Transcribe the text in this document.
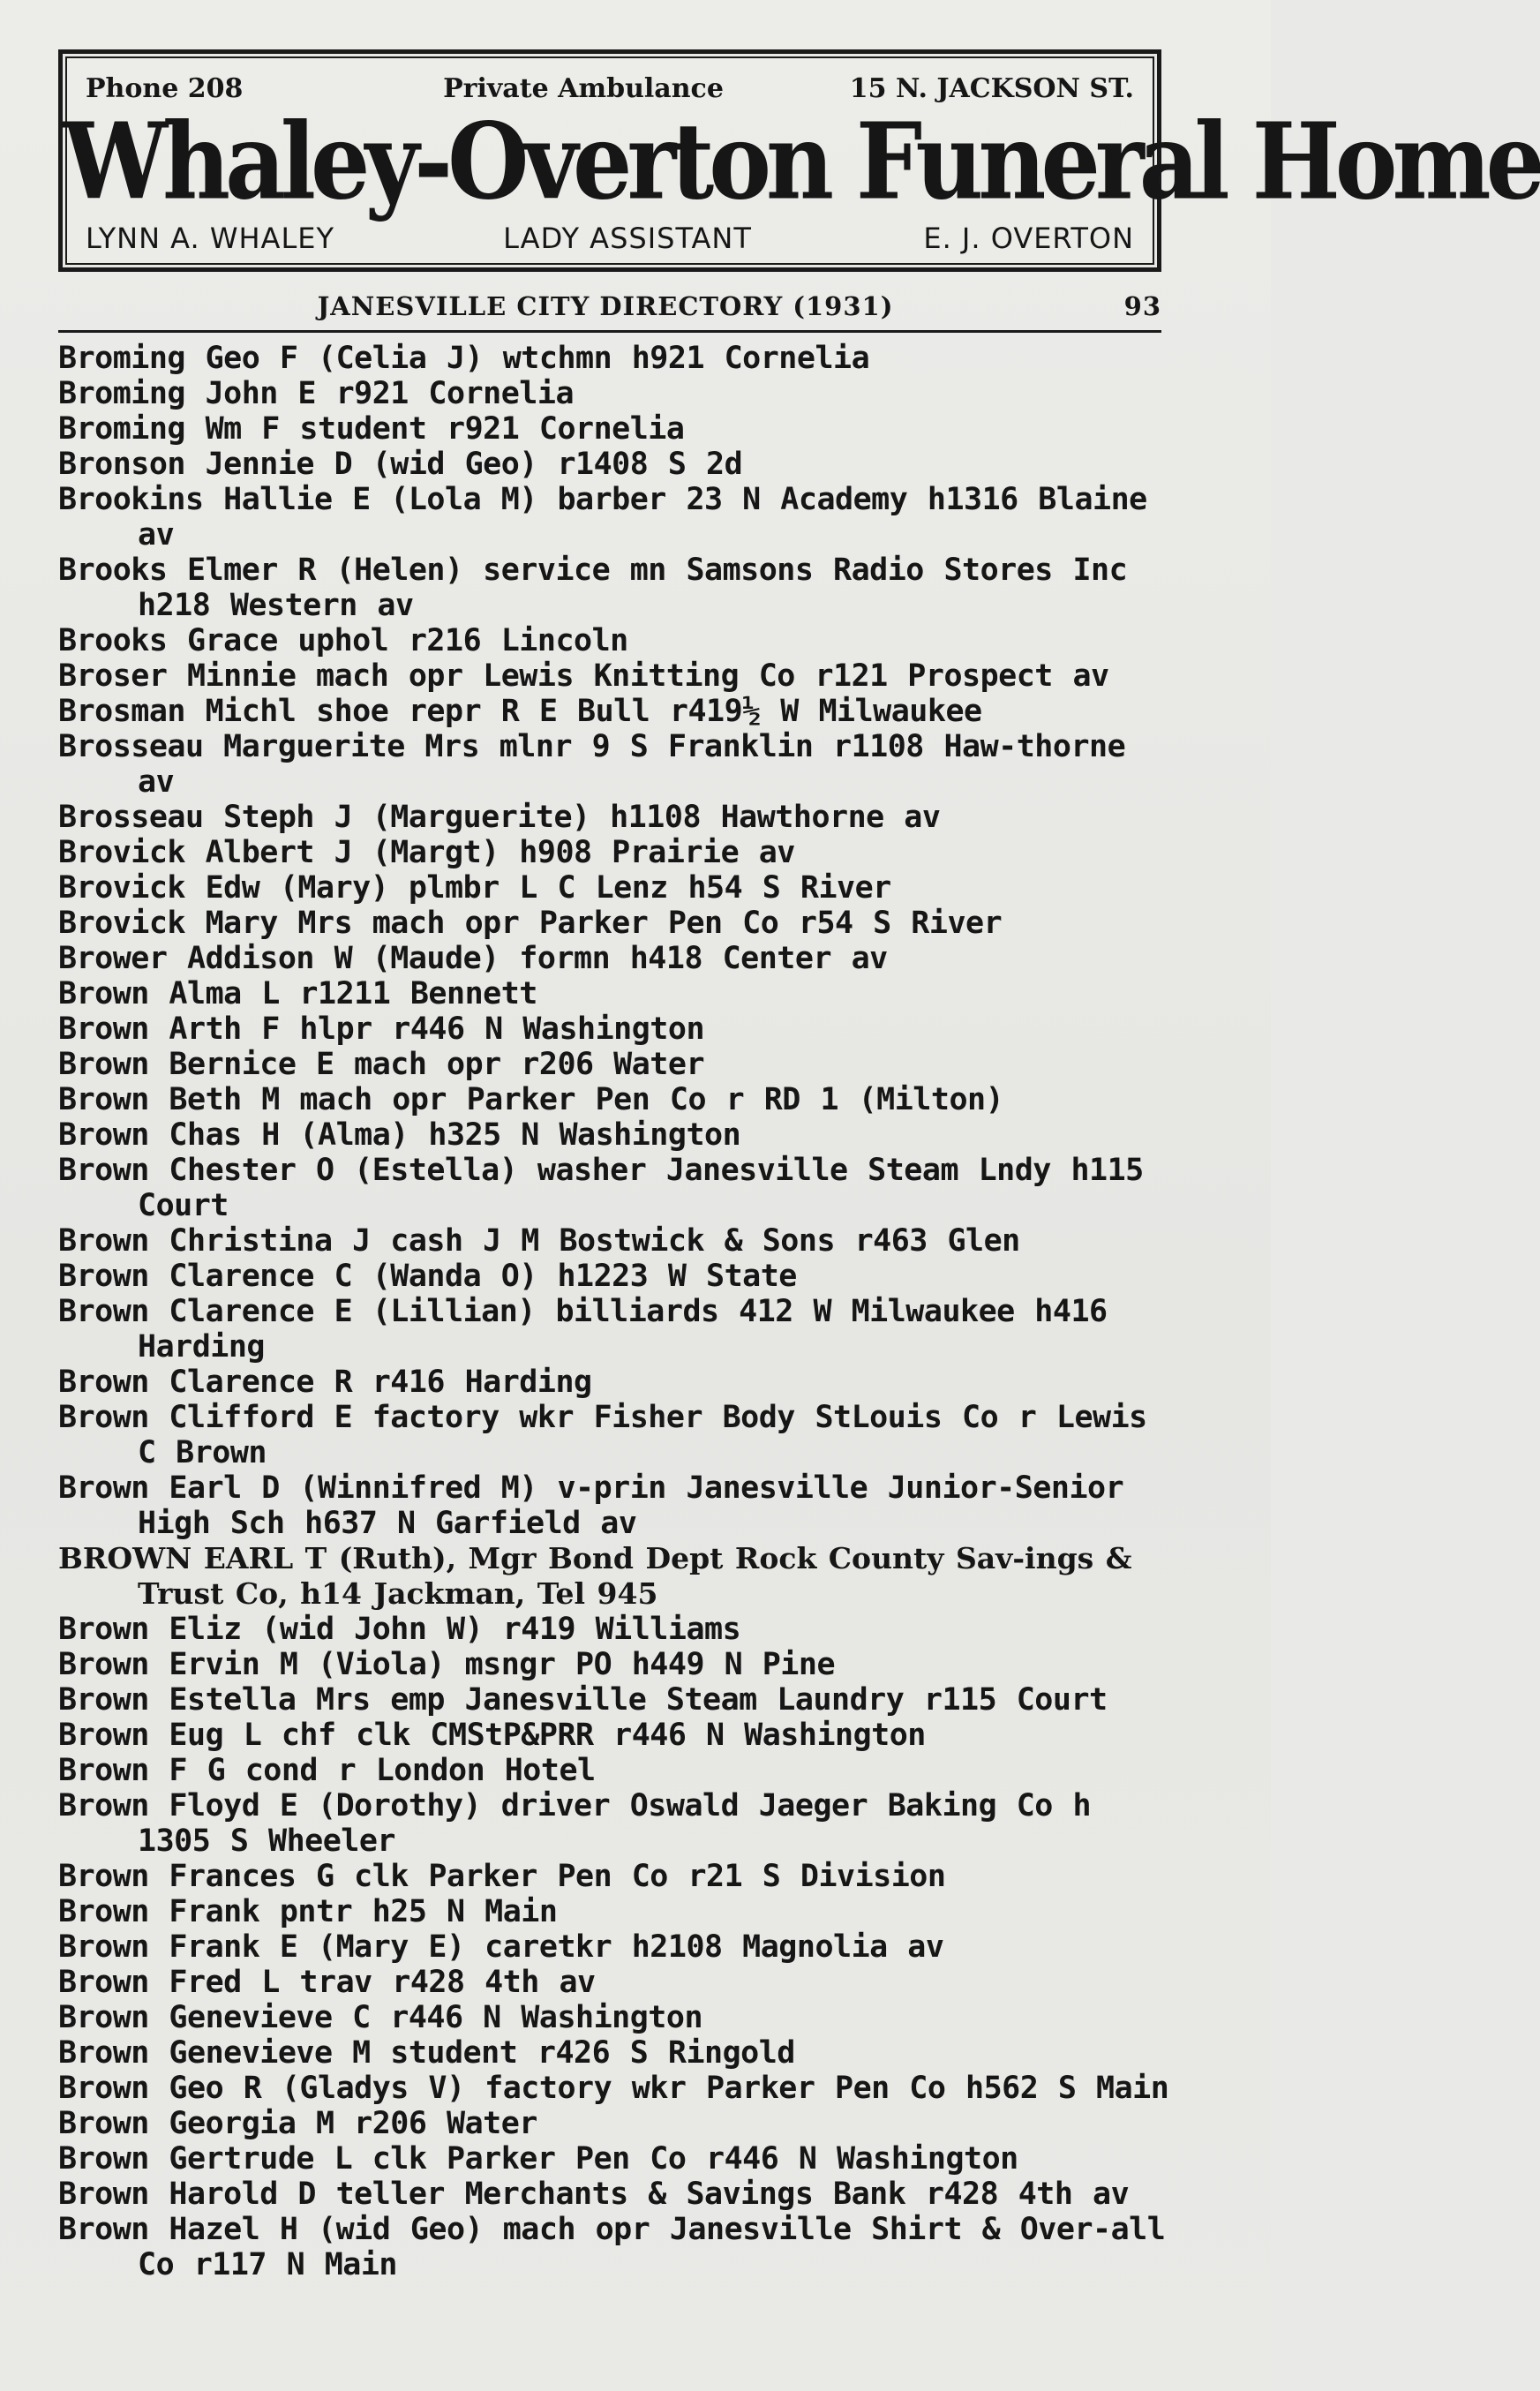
Phone 208	Private Ambulance	15 N. JACKSON ST.
Whaley-Overton Funeral Home
LYNN A. WHALEY	LADY ASSISTANT	E. J. OVERTON
JANESVILLE CITY DIRECTORY (1931)	93
Broming Geo F (Celia J) wtchmn h921 Cornelia
Broming John E r921 Cornelia
Broming Wm F student r921 Cornelia
Bronson Jennie D (wid Geo) r1408 S 2d
Brookins Hallie E (Lola M) barber 23 N Academy h1316 Blaine av
Brooks Elmer R (Helen) service mn Samsons Radio Stores Inc h218 Western av
Brooks Grace uphol r216 Lincoln
Broser Minnie mach opr Lewis Knitting Co r121 Prospect av
Brosman Michl shoe repr R E Bull r419½ W Milwaukee
Brosseau Marguerite Mrs mlnr 9 S Franklin r1108 Haw-thorne av
Brosseau Steph J (Marguerite) h1108 Hawthorne av
Brovick Albert J (Margt) h908 Prairie av
Brovick Edw (Mary) plmbr L C Lenz h54 S River
Brovick Mary Mrs mach opr Parker Pen Co r54 S River
Brower Addison W (Maude) formn h418 Center av
Brown Alma L r1211 Bennett
Brown Arth F hlpr r446 N Washington
Brown Bernice E mach opr r206 Water
Brown Beth M mach opr Parker Pen Co r RD 1 (Milton)
Brown Chas H (Alma) h325 N Washington
Brown Chester O (Estella) washer Janesville Steam Lndy h115 Court
Brown Christina J cash J M Bostwick & Sons r463 Glen
Brown Clarence C (Wanda O) h1223 W State
Brown Clarence E (Lillian) billiards 412 W Milwaukee h416 Harding
Brown Clarence R r416 Harding
Brown Clifford E factory wkr Fisher Body StLouis Co r Lewis C Brown
Brown Earl D (Winnifred M) v-prin Janesville Junior-Senior High Sch h637 N Garfield av
BROWN EARL T (Ruth), Mgr Bond Dept Rock County Sav-ings & Trust Co, h14 Jackman, Tel 945
Brown Eliz (wid John W) r419 Williams
Brown Ervin M (Viola) msngr PO h449 N Pine
Brown Estella Mrs emp Janesville Steam Laundry r115 Court
Brown Eug L chf clk CMStP&PRR r446 N Washington
Brown F G cond r London Hotel
Brown Floyd E (Dorothy) driver Oswald Jaeger Baking Co h 1305 S Wheeler
Brown Frances G clk Parker Pen Co r21 S Division
Brown Frank pntr h25 N Main
Brown Frank E (Mary E) caretkr h2108 Magnolia av
Brown Fred L trav r428 4th av
Brown Genevieve C r446 N Washington
Brown Genevieve M student r426 S Ringold
Brown Geo R (Gladys V) factory wkr Parker Pen Co h562 S Main
Brown Georgia M r206 Water
Brown Gertrude L clk Parker Pen Co r446 N Washington
Brown Harold D teller Merchants & Savings Bank r428 4th av
Brown Hazel H (wid Geo) mach opr Janesville Shirt & Over-all Co r117 N Main
